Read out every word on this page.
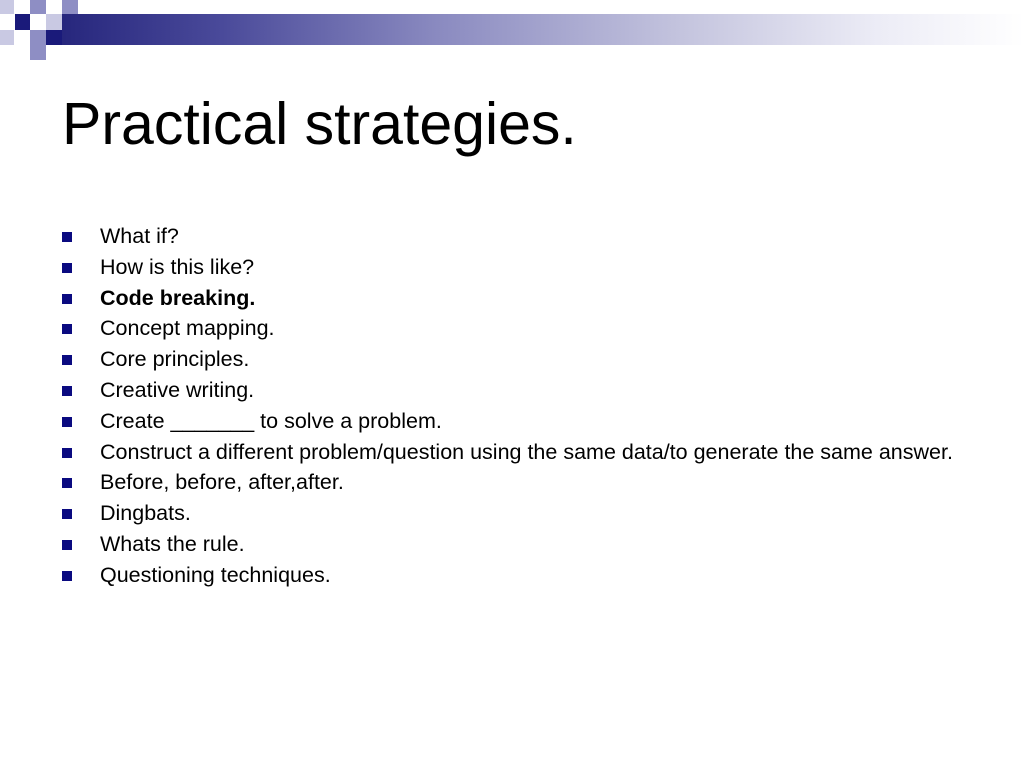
Practical strategies.
What if?
How is this like?
Code breaking.
Concept mapping.
Core principles.
Creative writing.
Create _______ to solve a problem.
Construct a different problem/question using the same data/to generate the same answer.
Before, before, after,after.
Dingbats.
Whats the rule.
Questioning techniques.
